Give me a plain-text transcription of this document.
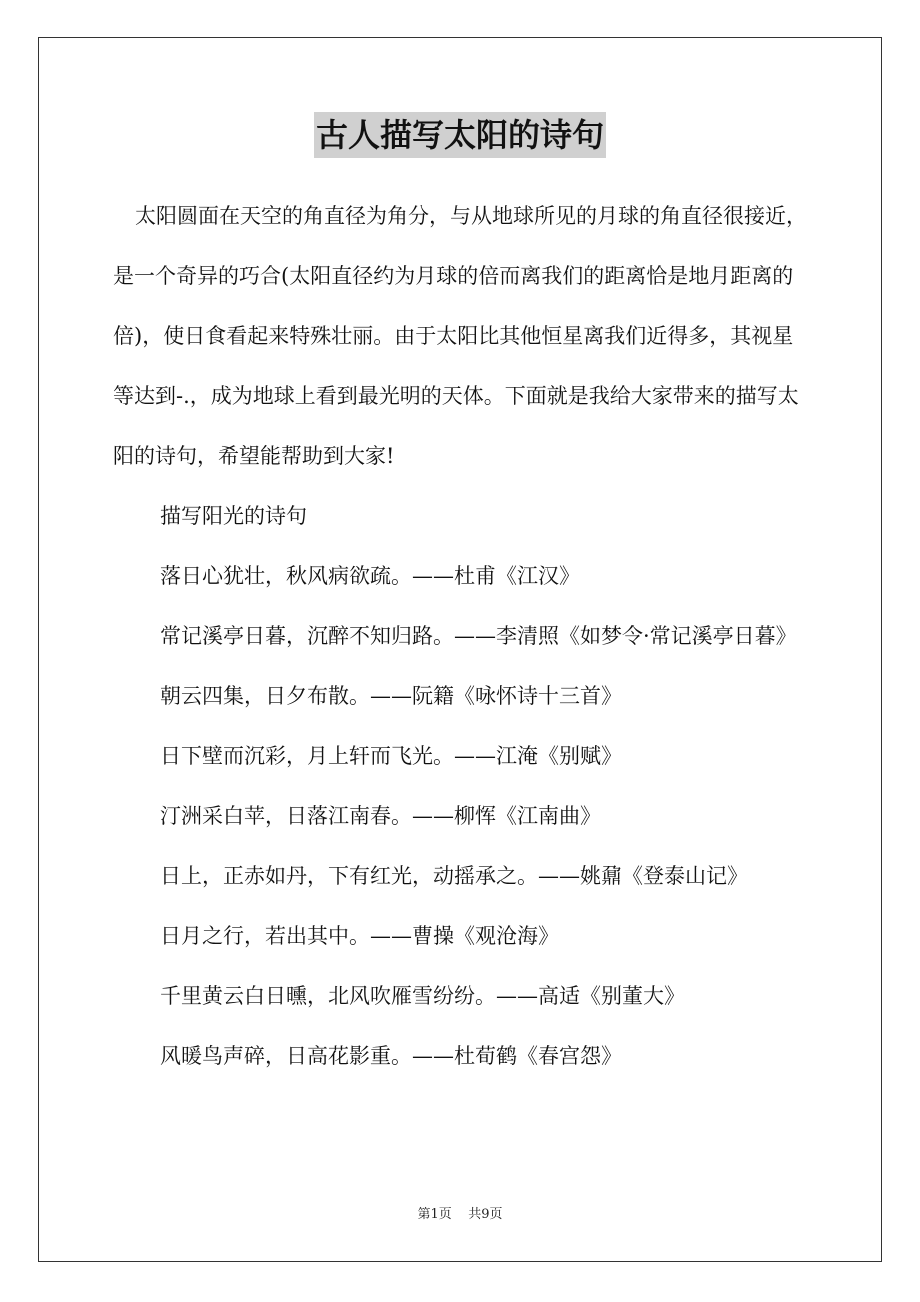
古人描写太阳的诗句

太阳圆面在天空的角直径为角分，与从地球所见的月球的角直径很接近，是一个奇异的巧合(太阳直径约为月球的倍而离我们的距离恰是地月距离的倍)，使日食看起来特殊壮丽。由于太阳比其他恒星离我们近得多，其视星等达到-.，成为地球上看到最光明的天体。下面就是我给大家带来的描写太阳的诗句，希望能帮助到大家!

描写阳光的诗句

落日心犹壮，秋风病欲疏。——杜甫《江汉》

常记溪亭日暮，沉醉不知归路。——李清照《如梦令·常记溪亭日暮》

朝云四集，日夕布散。——阮籍《咏怀诗十三首》

日下壁而沉彩，月上轩而飞光。——江淹《别赋》

汀洲采白苹，日落江南春。——柳恽《江南曲》

日上，正赤如丹，下有红光，动摇承之。——姚鼐《登泰山记》

日月之行，若出其中。——曹操《观沧海》

千里黄云白日曛，北风吹雁雪纷纷。——高适《别董大》

风暖鸟声碎，日高花影重。——杜荀鹤《春宫怨》

第1页 共9页
